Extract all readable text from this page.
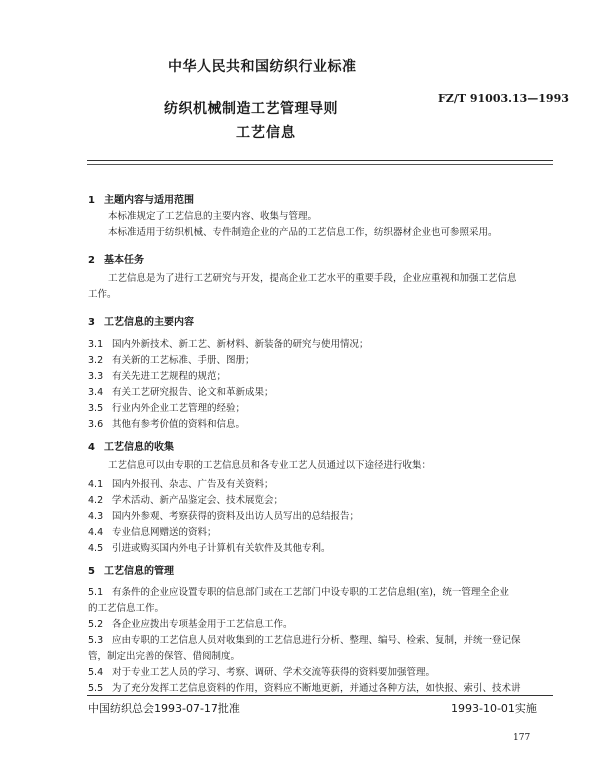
中华人民共和国纺织行业标准
FZ/T 91003.13—1993
纺织机械制造工艺管理导则
工艺信息
1 主题内容与适用范围
本标准规定了工艺信息的主要内容、收集与管理。
本标准适用于纺织机械、专件制造企业的产品的工艺信息工作，纺织器材企业也可参照采用。
2 基本任务
工艺信息是为了进行工艺研究与开发，提高企业工艺水平的重要手段，企业应重视和加强工艺信息
工作。
3 工艺信息的主要内容
3.1 国内外新技术、新工艺、新材料、新装备的研究与使用情况；
3.2 有关新的工艺标准、手册、图册；
3.3 有关先进工艺规程的规范；
3.4 有关工艺研究报告、论文和革新成果；
3.5 行业内外企业工艺管理的经验；
3.6 其他有参考价值的资料和信息。
4 工艺信息的收集
工艺信息可以由专职的工艺信息员和各专业工艺人员通过以下途径进行收集：
4.1 国内外报刊、杂志、广告及有关资料；
4.2 学术活动、新产品鉴定会、技术展览会；
4.3 国内外参观、考察获得的资料及出访人员写出的总结报告；
4.4 专业信息网赠送的资料；
4.5 引进或购买国内外电子计算机有关软件及其他专利。
5 工艺信息的管理
5.1 有条件的企业应设置专职的信息部门或在工艺部门中设专职的工艺信息组(室)，统一管理全企业
的工艺信息工作。
5.2 各企业应拨出专项基金用于工艺信息工作。
5.3 应由专职的工艺信息人员对收集到的工艺信息进行分析、整理、编号、检索、复制，并统一登记保
管，制定出完善的保管、借阅制度。
5.4 对于专业工艺人员的学习、考察、调研、学术交流等获得的资料要加强管理。
5.5 为了充分发挥工艺信息资料的作用，资料应不断地更新，并通过各种方法，如快报、索引、技术讲
中国纺织总会1993-07-17批准	1993-10-01实施
177
